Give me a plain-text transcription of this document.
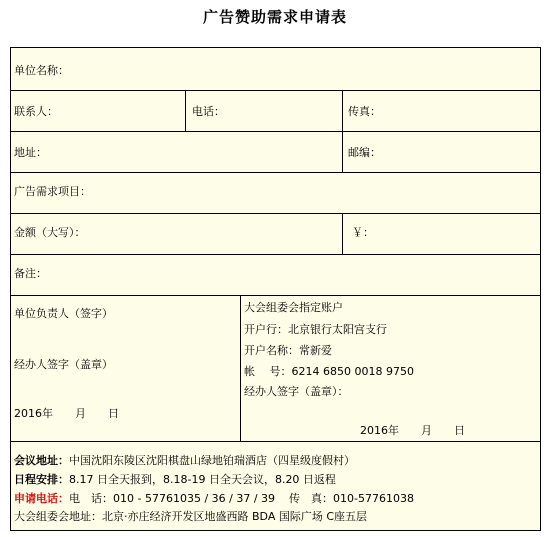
广告赞助需求申请表
单位名称：
联系人：	电话：	传真：
地址：	邮编：
广告需求项目：
金额（大写）：	￥：
备注：
单位负责人（签字）
经办人签字（盖章）
2016年 月 日
大会组委会指定账户
开户行：北京银行太阳宫支行
开户名称：常新爱
帐　 号：6214 6850 0018 9750
经办人签字（盖章）：
2016年 月 日
会议地址：中国沈阳东陵区沈阳棋盘山绿地铂瑞酒店（四星级度假村）
日程安排：8.17 日全天报到，8.18-19 日全天会议，8.20 日返程
申请电话：电　话：010 - 57761035 / 36 / 37 / 39 传　真：010-57761038
大会组委会地址：北京·亦庄经济开发区地盛西路 BDA 国际广场 C座五层
